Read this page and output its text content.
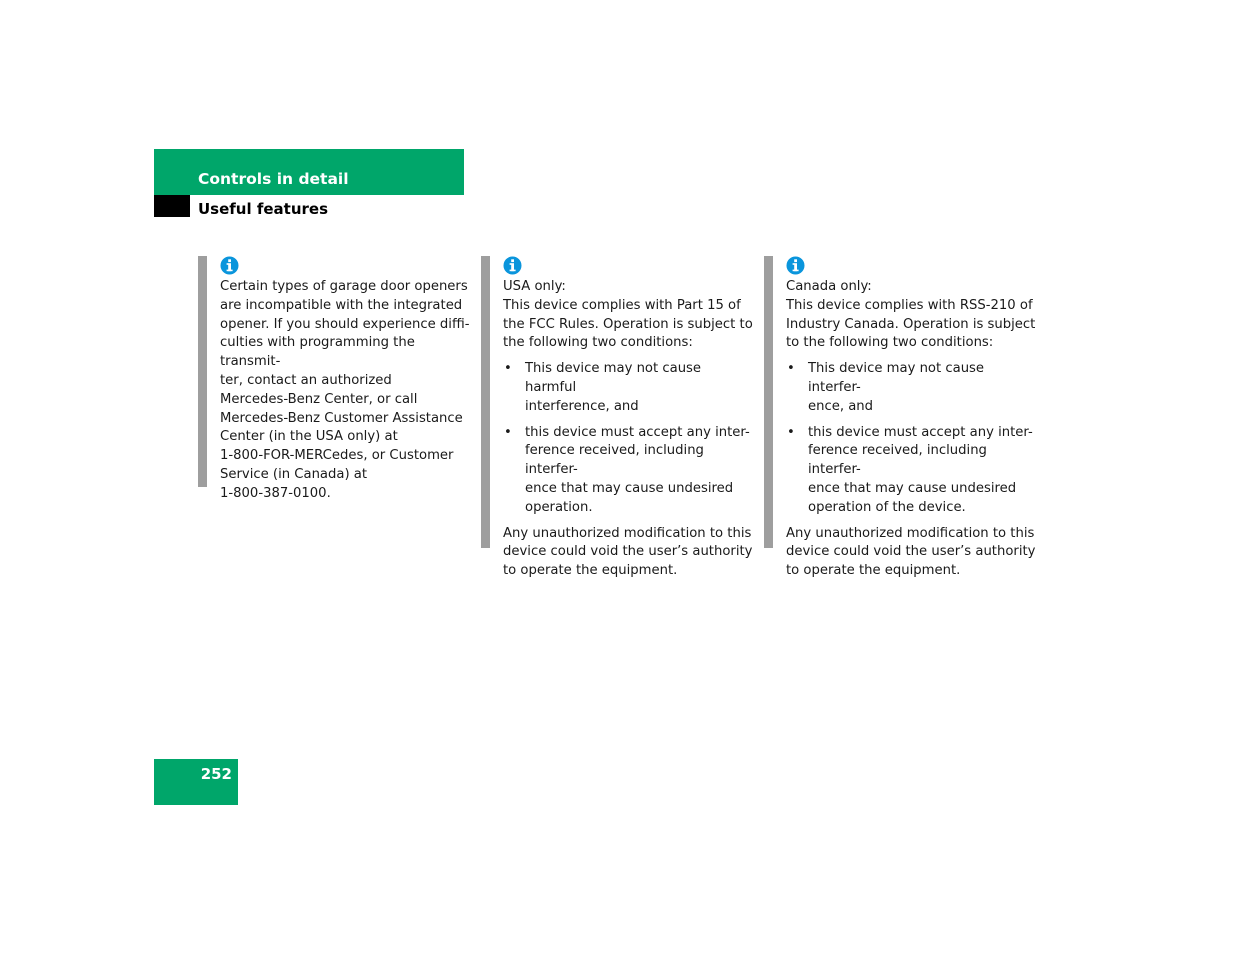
Controls in detail
Useful features

Certain types of garage door openers
are incompatible with the integrated
opener. If you should experience diffi-
culties with programming the transmit-
ter, contact an authorized
Mercedes-Benz Center, or call
Mercedes-Benz Customer Assistance
Center (in the USA only) at
1-800-FOR-MERCedes, or Customer
Service (in Canada) at
1-800-387-0100.

USA only:

This device complies with Part 15 of
the FCC Rules. Operation is subject to
the following two conditions:

• This device may not cause harmful
interference, and
• this device must accept any inter-
ference received, including interfer-
ence that may cause undesired
operation.

Any unauthorized modification to this
device could void the user’s authority
to operate the equipment.

Canada only:

This device complies with RSS-210 of
Industry Canada. Operation is subject
to the following two conditions:

• This device may not cause interfer-
ence, and
• this device must accept any inter-
ference received, including interfer-
ence that may cause undesired
operation of the device.

Any unauthorized modification to this
device could void the user’s authority
to operate the equipment.

252
